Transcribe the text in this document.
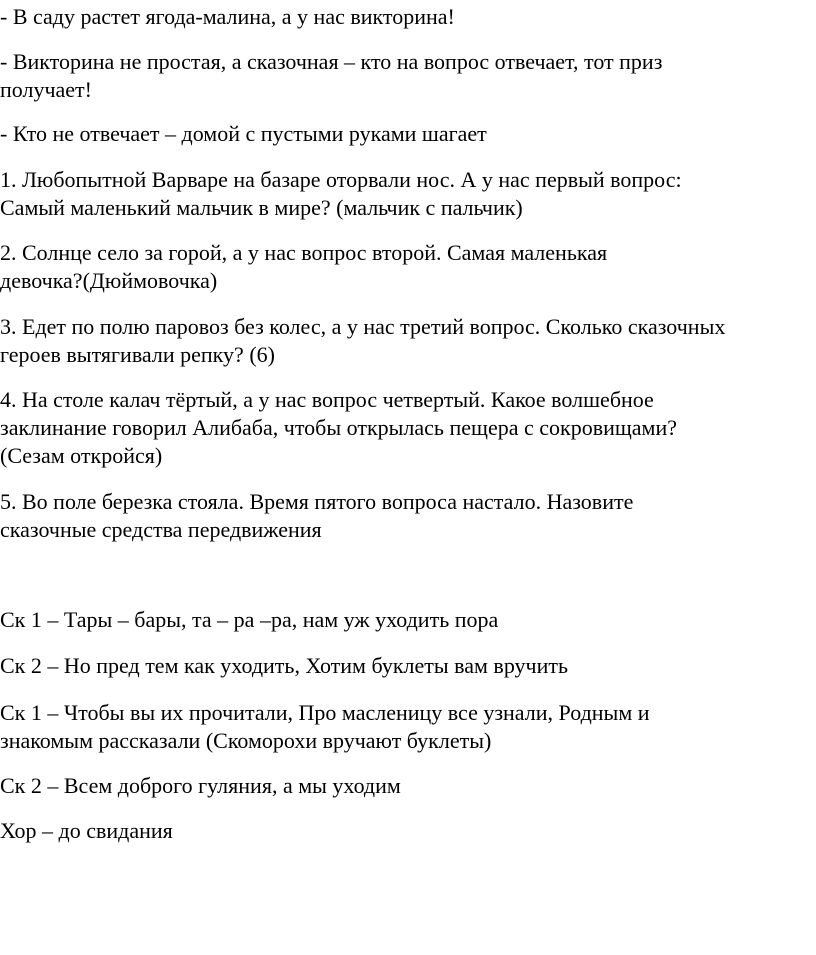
- В саду растет ягода-малина, а у нас викторина!

- Викторина не простая, а сказочная – кто на вопрос отвечает, тот приз
получает!

- Кто не отвечает – домой с пустыми руками шагает

1. Любопытной Варваре на базаре оторвали нос. А у нас первый вопрос:
Самый маленький мальчик в мире? (мальчик с пальчик)

2. Солнце село за горой, а у нас вопрос второй. Самая маленькая
девочка?(Дюймовочка)

3. Едет по полю паровоз без колес, а у нас третий вопрос. Сколько сказочных
героев вытягивали репку? (6)

4. На столе калач тёртый, а у нас вопрос четвертый. Какое волшебное
заклинание говорил Алибаба, чтобы открылась пещера с сокровищами?
(Сезам откройся)

5. Во поле березка стояла. Время пятого вопроса настало. Назовите
сказочные средства передвижения

Ск 1 – Тары – бары, та – ра –ра, нам уж уходить пора

Ск 2 – Но пред тем как уходить, Хотим буклеты вам вручить

Ск 1 – Чтобы вы их прочитали, Про масленицу все узнали, Родным и
знакомым рассказали (Скоморохи вручают буклеты)

Ск 2 – Всем доброго гуляния, а мы уходим

Хор – до свидания
